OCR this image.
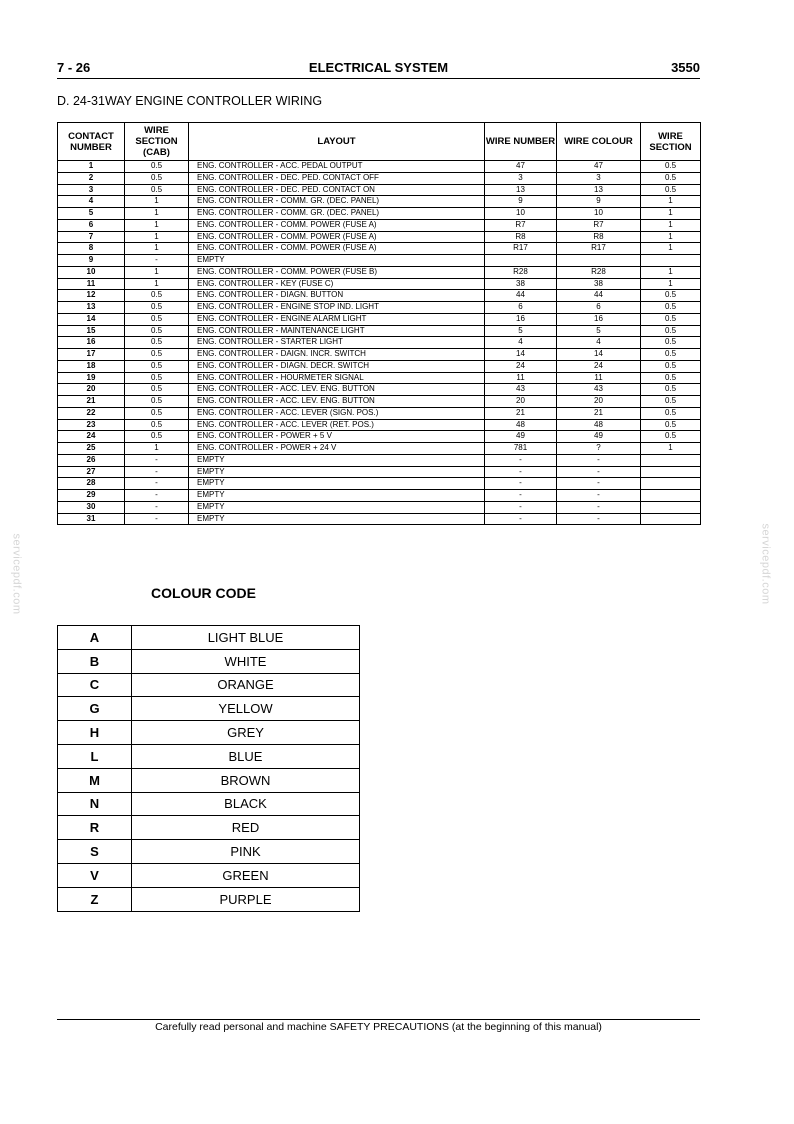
7 - 26	ELECTRICAL SYSTEM	3550
D. 24-31WAY ENGINE CONTROLLER WIRING
CONTACT NUMBER	WIRE SECTION (CAB)	LAYOUT	WIRE NUMBER	WIRE COLOUR	WIRE SECTION
1	0.5	ENG. CONTROLLER - ACC. PEDAL OUTPUT	47	47	0.5
2	0.5	ENG. CONTROLLER - DEC. PED. CONTACT OFF	3	3	0.5
3	0.5	ENG. CONTROLLER - DEC. PED. CONTACT ON	13	13	0.5
4	1	ENG. CONTROLLER - COMM. GR. (DEC. PANEL)	9	9	1
5	1	ENG. CONTROLLER - COMM. GR. (DEC. PANEL)	10	10	1
6	1	ENG. CONTROLLER - COMM. POWER (FUSE A)	R7	R7	1
7	1	ENG. CONTROLLER - COMM. POWER (FUSE A)	R8	R8	1
8	1	ENG. CONTROLLER - COMM. POWER (FUSE A)	R17	R17	1
9	-	EMPTY			
10	1	ENG. CONTROLLER - COMM. POWER (FUSE B)	R28	R28	1
11	1	ENG. CONTROLLER - KEY (FUSE C)	38	38	1
12	0.5	ENG. CONTROLLER - DIAGN. BUTTON	44	44	0.5
13	0.5	ENG. CONTROLLER - ENGINE STOP IND. LIGHT	6	6	0.5
14	0.5	ENG. CONTROLLER - ENGINE ALARM LIGHT	16	16	0.5
15	0.5	ENG. CONTROLLER - MAINTENANCE LIGHT	5	5	0.5
16	0.5	ENG. CONTROLLER - STARTER LIGHT	4	4	0.5
17	0.5	ENG. CONTROLLER - DAIGN. INCR. SWITCH	14	14	0.5
18	0.5	ENG. CONTROLLER - DIAGN. DECR. SWITCH	24	24	0.5
19	0.5	ENG. CONTROLLER - HOURMETER SIGNAL	11	11	0.5
20	0.5	ENG. CONTROLLER - ACC. LEV. ENG. BUTTON	43	43	0.5
21	0.5	ENG. CONTROLLER - ACC. LEV. ENG. BUTTON	20	20	0.5
22	0.5	ENG. CONTROLLER - ACC. LEVER (SIGN. POS.)	21	21	0.5
23	0.5	ENG. CONTROLLER - ACC. LEVER (RET. POS.)	48	48	0.5
24	0.5	ENG. CONTROLLER - POWER + 5 V	49	49	0.5
25	1	ENG. CONTROLLER - POWER + 24 V	781	?	1
26	-	EMPTY	-	-	
27	-	EMPTY	-	-	
28	-	EMPTY	-	-	
29	-	EMPTY	-	-	
30	-	EMPTY	-	-	
31	-	EMPTY	-	-	
COLOUR CODE
A	LIGHT BLUE
B	WHITE
C	ORANGE
G	YELLOW
H	GREY
L	BLUE
M	BROWN
N	BLACK
R	RED
S	PINK
V	GREEN
Z	PURPLE
servicepdf.com	servicepdf.com
Carefully read personal and machine SAFETY PRECAUTIONS (at the beginning of this manual)
